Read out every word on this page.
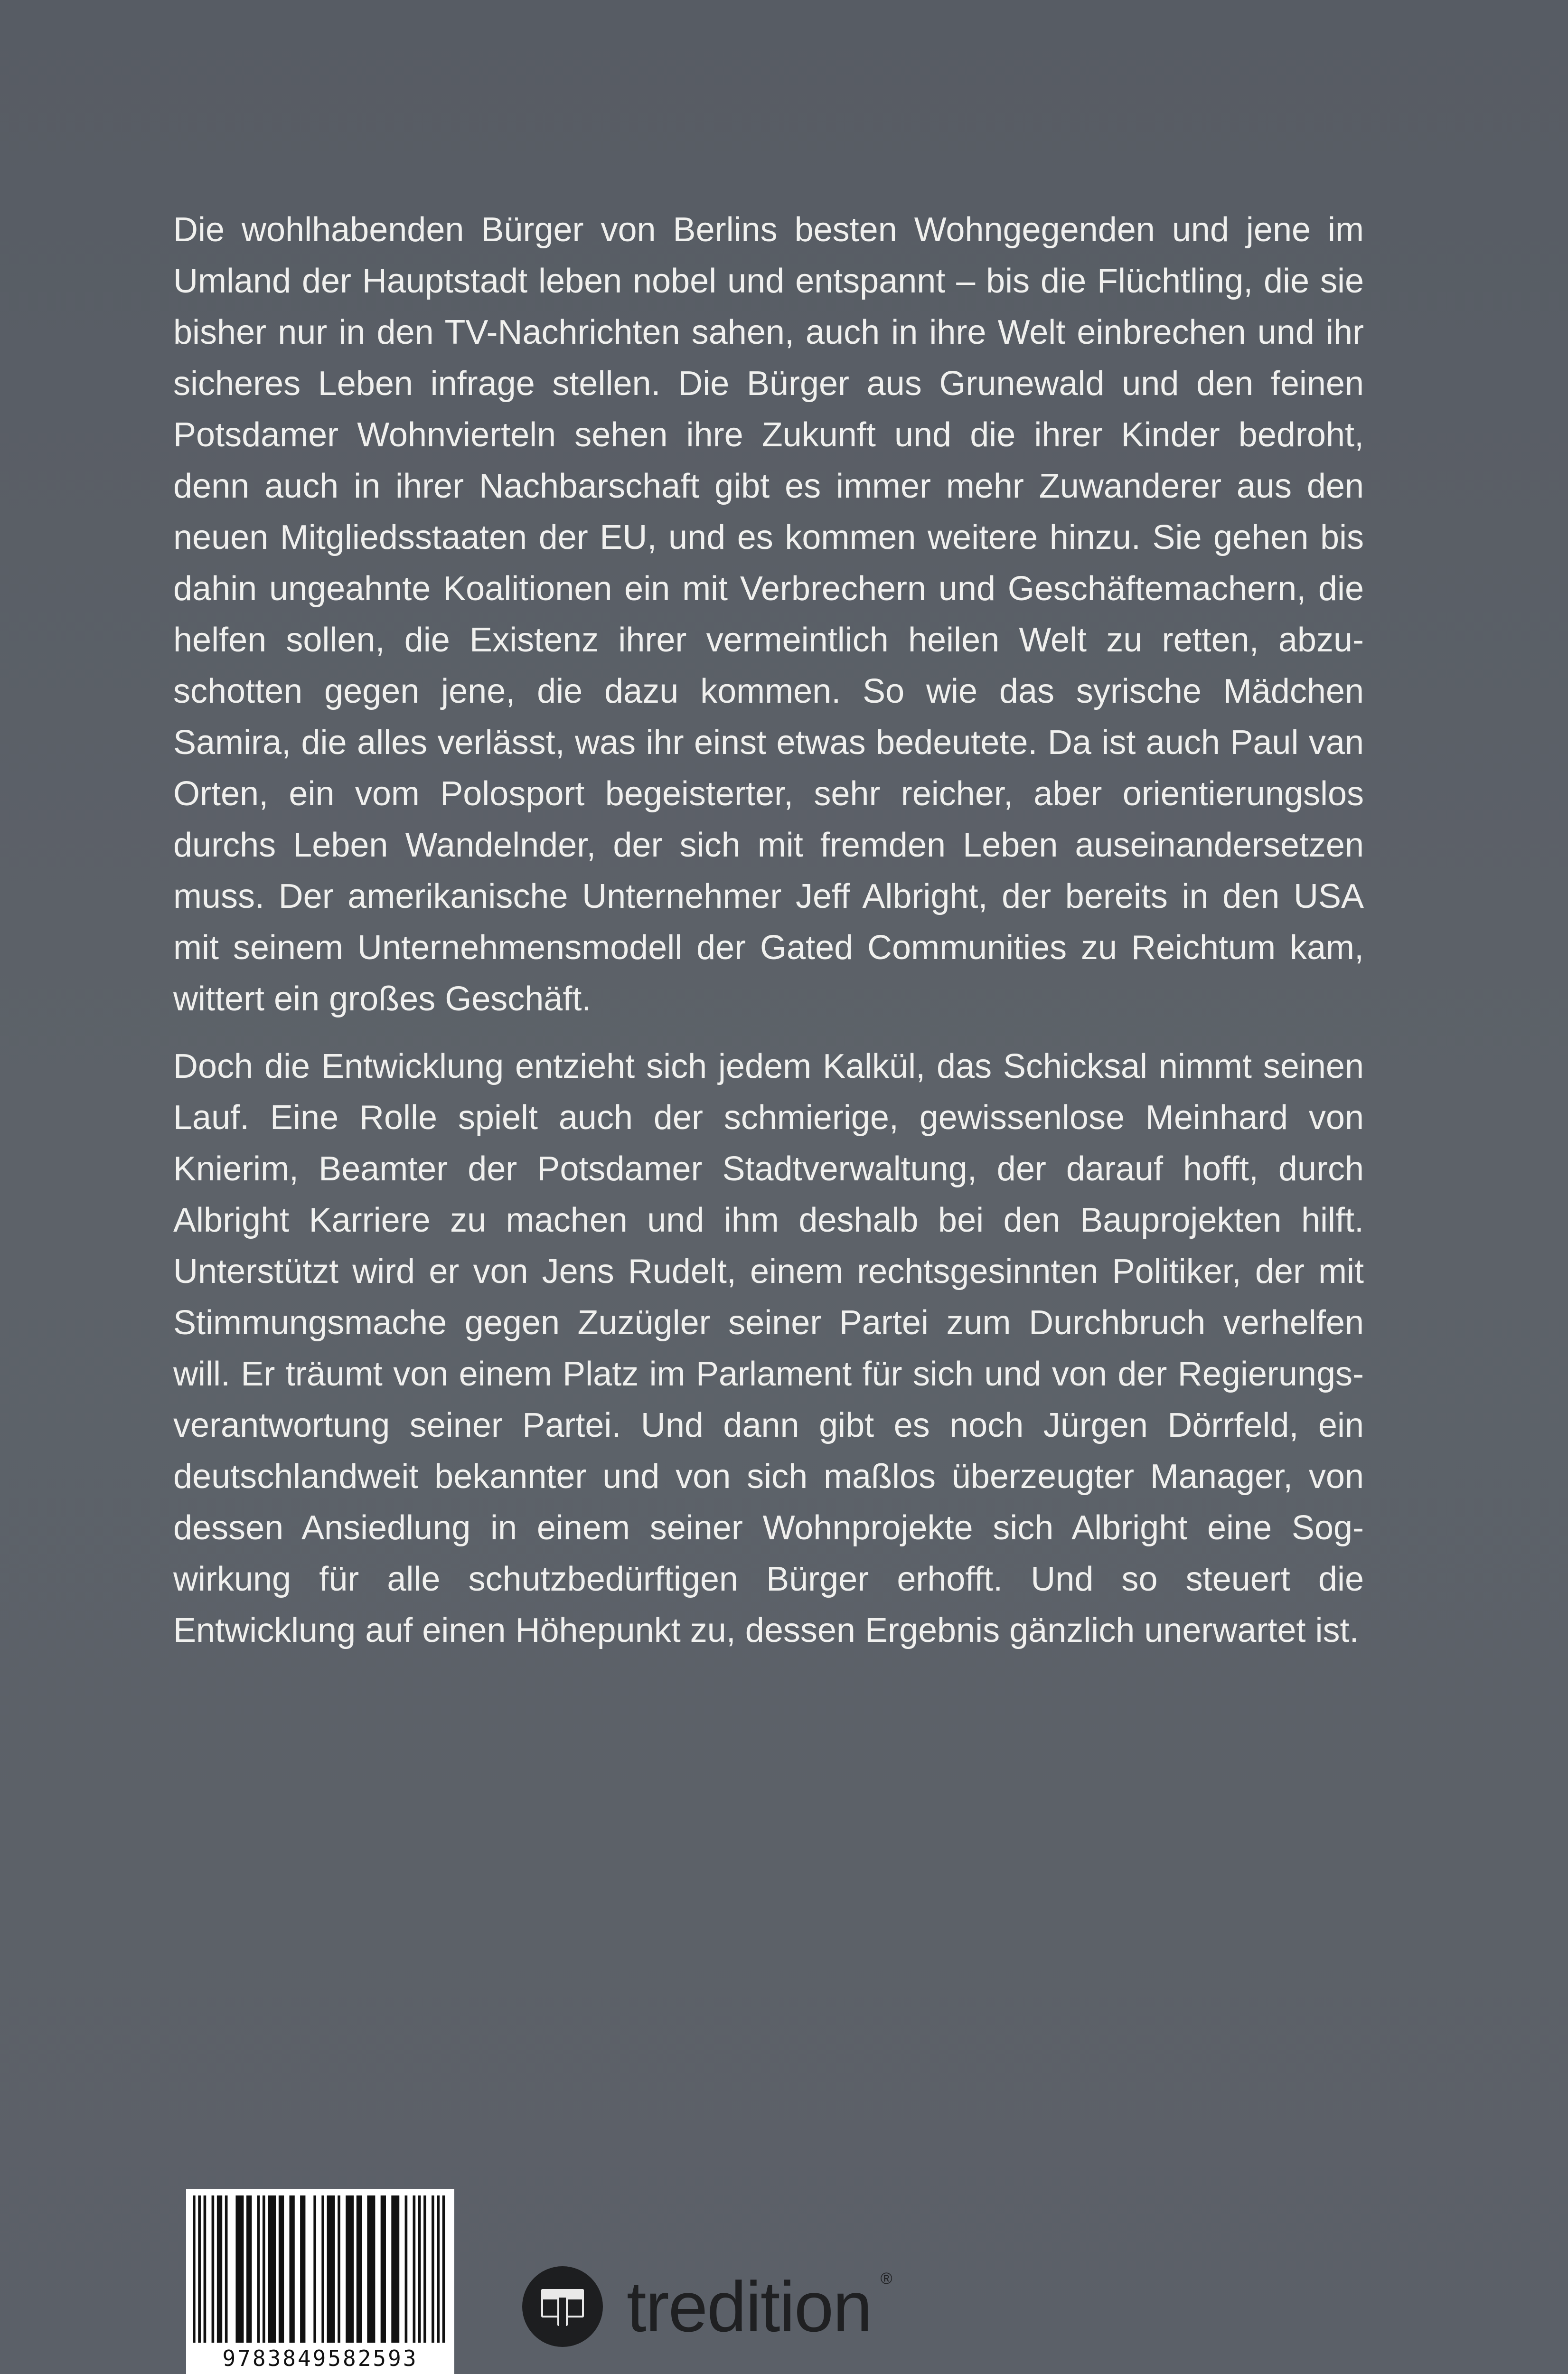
Die wohlhabenden Bürger von Berlins besten Wohngegenden und jene im Umland der Hauptstadt leben nobel und entspannt – bis die Flüchtling, die sie bisher nur in den TV-Nachrichten sahen, auch in ihre Welt einbrechen und ihr sicheres Leben infrage stellen. Die Bürger aus Grunewald und den feinen Potsdamer Wohnvierteln sehen ihre Zukunft und die ihrer Kinder bedroht, denn auch in ihrer Nachbarschaft gibt es immer mehr Zuwanderer aus den neuen Mitgliedsstaaten der EU, und es kommen weitere hinzu. Sie gehen bis dahin ungeahnte Koalitionen ein mit Verbrechern und Geschäftemachern, die helfen sollen, die Existenz ihrer vermeintlich heilen Welt zu retten, abzuschotten gegen jene, die dazu kommen. So wie das syrische Mädchen Samira, die alles verlässt, was ihr einst etwas bedeutete. Da ist auch Paul van Orten, ein vom Polosport begeisterter, sehr reicher, aber orientierungslos durchs Leben Wandelnder, der sich mit fremden Leben auseinandersetzen muss. Der amerikanische Unternehmer Jeff Albright, der bereits in den USA mit seinem Unternehmensmodell der Gated Communities zu Reichtum kam, wittert ein großes Geschäft.

Doch die Entwicklung entzieht sich jedem Kalkül, das Schicksal nimmt seinen Lauf. Eine Rolle spielt auch der schmierige, gewissenlose Meinhard von Knierim, Beamter der Potsdamer Stadtverwaltung, der darauf hofft, durch Albright Karriere zu machen und ihm deshalb bei den Bauprojekten hilft. Unterstützt wird er von Jens Rudelt, einem rechtsgesinnten Politiker, der mit Stimmungsmache gegen Zuzügler seiner Partei zum Durchbruch verhelfen will. Er träumt von einem Platz im Parlament für sich und von der Regierungsverantwortung seiner Partei. Und dann gibt es noch Jürgen Dörrfeld, ein deutschlandweit bekannter und von sich maßlos überzeugter Manager, von dessen Ansiedlung in einem seiner Wohnprojekte sich Albright eine Sogwirkung für alle schutzbedürftigen Bürger erhofft. Und so steuert die Entwicklung auf einen Höhepunkt zu, dessen Ergebnis gänzlich unerwartet ist.

9783849582593
tredition ®
